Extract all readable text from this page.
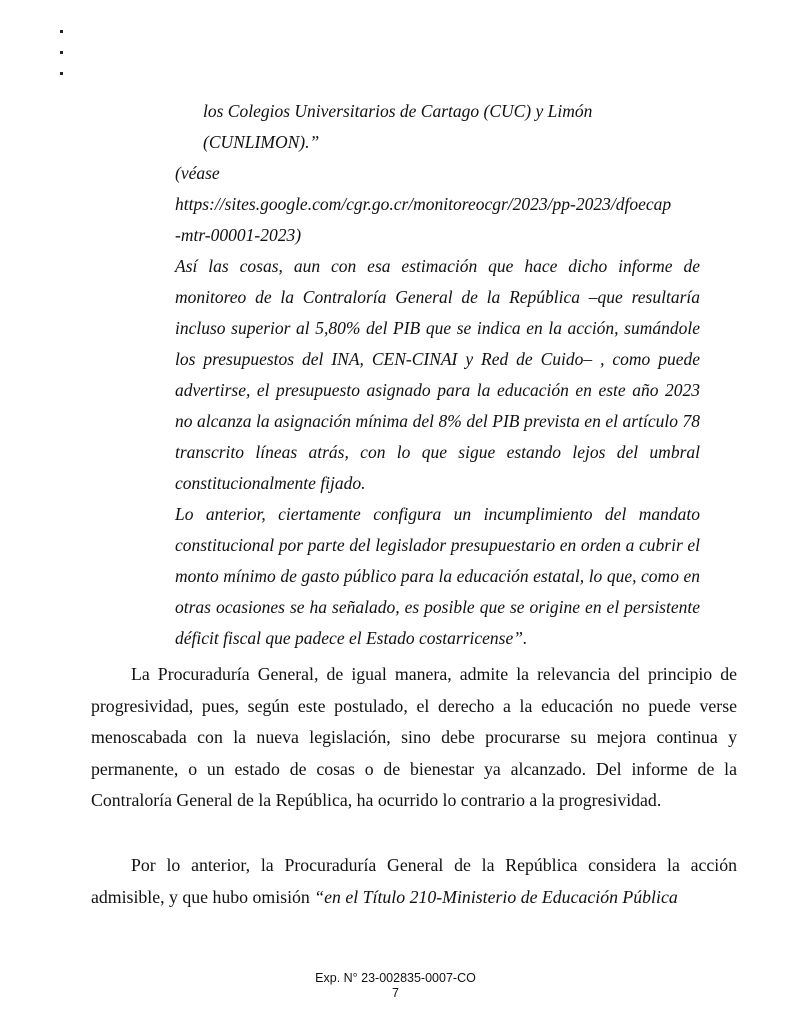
los Colegios Universitarios de Cartago (CUC) y Limón

(CUNLIMON).”

(véase

https://sites.google.com/cgr.go.cr/monitoreocgr/2023/pp-2023/dfoecap

-mtr-00001-2023)

Así las cosas, aun con esa estimación que hace dicho informe de monitoreo de la Contraloría General de la República –que resultaría incluso superior al 5,80% del PIB que se indica en la acción, sumándole los presupuestos del INA, CEN-CINAI y Red de Cuido– , como puede advertirse, el presupuesto asignado para la educación en este año 2023 no alcanza la asignación mínima del 8% del PIB prevista en el artículo 78 transcrito líneas atrás, con lo que sigue estando lejos del umbral constitucionalmente fijado.

Lo anterior, ciertamente configura un incumplimiento del mandato constitucional por parte del legislador presupuestario en orden a cubrir el monto mínimo de gasto público para la educación estatal, lo que, como en otras ocasiones se ha señalado, es posible que se origine en el persistente déficit fiscal que padece el Estado costarricense”.

La Procuraduría General, de igual manera, admite la relevancia del principio de progresividad, pues, según este postulado, el derecho a la educación no puede verse menoscabada con la nueva legislación, sino debe procurarse su mejora continua y permanente, o un estado de cosas o de bienestar ya alcanzado. Del informe de la Contraloría General de la República, ha ocurrido lo contrario a la progresividad.

Por lo anterior, la Procuraduría General de la República considera la acción admisible, y que hubo omisión “en el Título 210-Ministerio de Educación Pública

Exp. N° 23-002835-0007-CO
7
